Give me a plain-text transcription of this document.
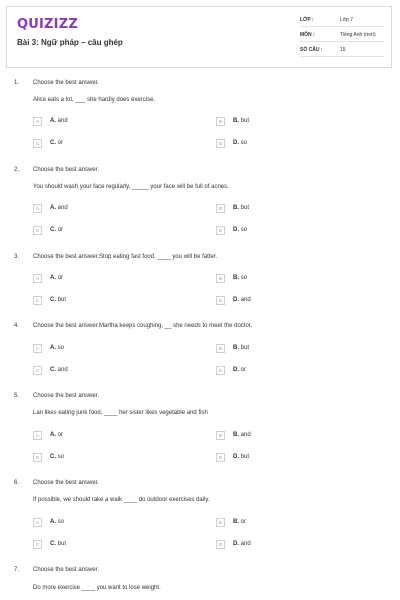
QUIZIZZ
Bài 3: Ngữ pháp – câu ghép
LỚP :	Lớp 7
MÔN :	Tiếng Anh (mới)
SỐ CÂU :	15
1. Choose the best answer.
Alice eats a lot, ___ she hardly does exercise.
A	A. and	B	B. but
C	C. or	D	D. so
2. Choose the best answer.
You should wash your face regularly, _____ your face will be full of acnes.
A	A. and	B	B. but
C	C. or	D	D. so
3. Choose the best answer.Stop eating fast food, ____ you will be fatter.
A	A. or	B	B. so
C	C. but	D	D. and
4. Choose the best answer.Martha keeps coughing, __ she needs to meet the doctor.
A	A. so	B	B. but
C	C. and	D	D. or
5. Choose the best answer.
Lan likes eating junk food, ____ her sister likes vegetable and fish
A	A. or	B	B. and
C	C. so	D	D. but
6. Choose the best answer.
If possible, we should take a walk ____ do outdoor exercises daily.
A	A. so	B	B. or
C	C. but	D	D. and
7. Choose the best answer.
Do more exercise ____ you want to lose weight.
